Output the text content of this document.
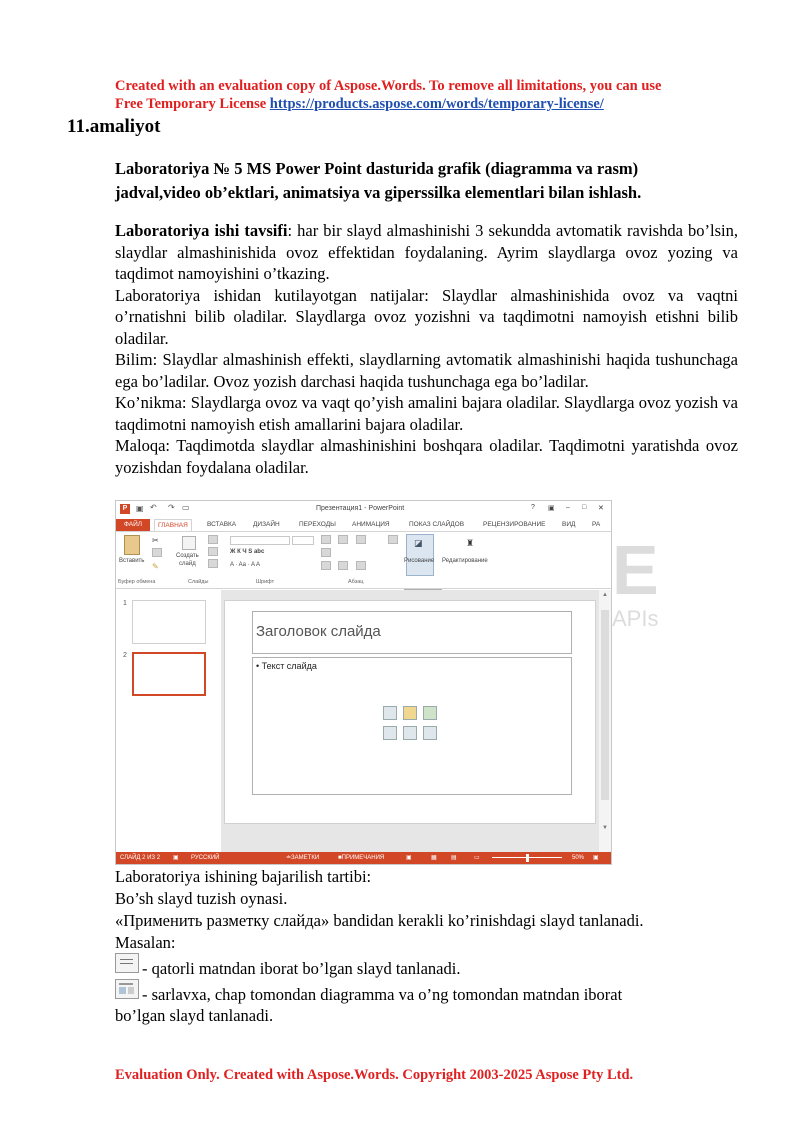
Created with an evaluation copy of Aspose.Words. To remove all limitations, you can use
Free Temporary License https://products.aspose.com/words/temporary-license/
11.amaliyot
Laboratoriya № 5 MS Power Point dasturida grafik (diagramma va rasm)
jadval,video ob’ektlari, animatsiya va giperssilka elementlari bilan ishlash.
Laboratoriya ishi tavsifi: har bir slayd almashinishi 3 sekundda avtomatik ravishda bo’lsin, slaydlar almashinishida ovoz effektidan foydalaning. Ayrim slaydlarga ovoz yozing va taqdimot namoyishini o’tkazing.
Laboratoriya ishidan kutilayotgan natijalar: Slaydlar almashinishida ovoz va vaqtni o’rnatishni bilib oladilar. Slaydlarga ovoz yozishni va taqdimotni namoyish etishni bilib oladilar.
Bilim: Slaydlar almashinish effekti, slaydlarning avtomatik almashinishi haqida tushunchaga ega bo’ladilar. Ovoz yozish darchasi haqida tushunchaga ega bo’ladilar.
Ko’nikma: Slaydlarga ovoz va vaqt qo’yish amalini bajara oladilar. Slaydlarga ovoz yozish va taqdimotni namoyish etish amallarini bajara oladilar.
Maloqa: Taqdimotda slaydlar almashinishini boshqara oladilar. Taqdimotni yaratishda ovoz yozishdan foydalana oladilar.
E
APIs
P	▣ ↶ ↷ ▭	Презентация1 - PowerPoint	? ▣ – □ ✕
ФАЙЛ	ГЛАВНАЯ	ВСТАВКА	ДИЗАЙН	ПЕРЕХОДЫ	АНИМАЦИЯ	ПОКАЗ СЛАЙДОВ	РЕЦЕНЗИРОВАНИЕ	ВИД	РА
Вставить
✂
✎
Создать
слайд
Ж К Ч S abc
A · Aa · A A
◪
Рисование
♜
Редактирование
Буфер обмена	Слайды	Шрифт	Абзац
1
2
Заголовок слайда
• Текст слайда
▲
▼
СЛАЙД 2 ИЗ 2 ▣ РУССКИЙ	≐ ЗАМЕТКИ	■ ПРИМЕЧАНИЯ	▣	▦ ▤	▭	50% ▣
Laboratoriya ishining bajarilish tartibi:
Bo’sh slayd tuzish oynasi.
«Применить разметку слайда» bandidan kerakli ko’rinishdagi slayd tanlanadi.
Masalan:
- qatorli matndan iborat bo’lgan slayd tanlanadi.
- sarlavxa, chap tomondan diagramma va o’ng tomondan matndan iborat
bo’lgan slayd tanlanadi.
Evaluation Only. Created with Aspose.Words. Copyright 2003-2025 Aspose Pty Ltd.
